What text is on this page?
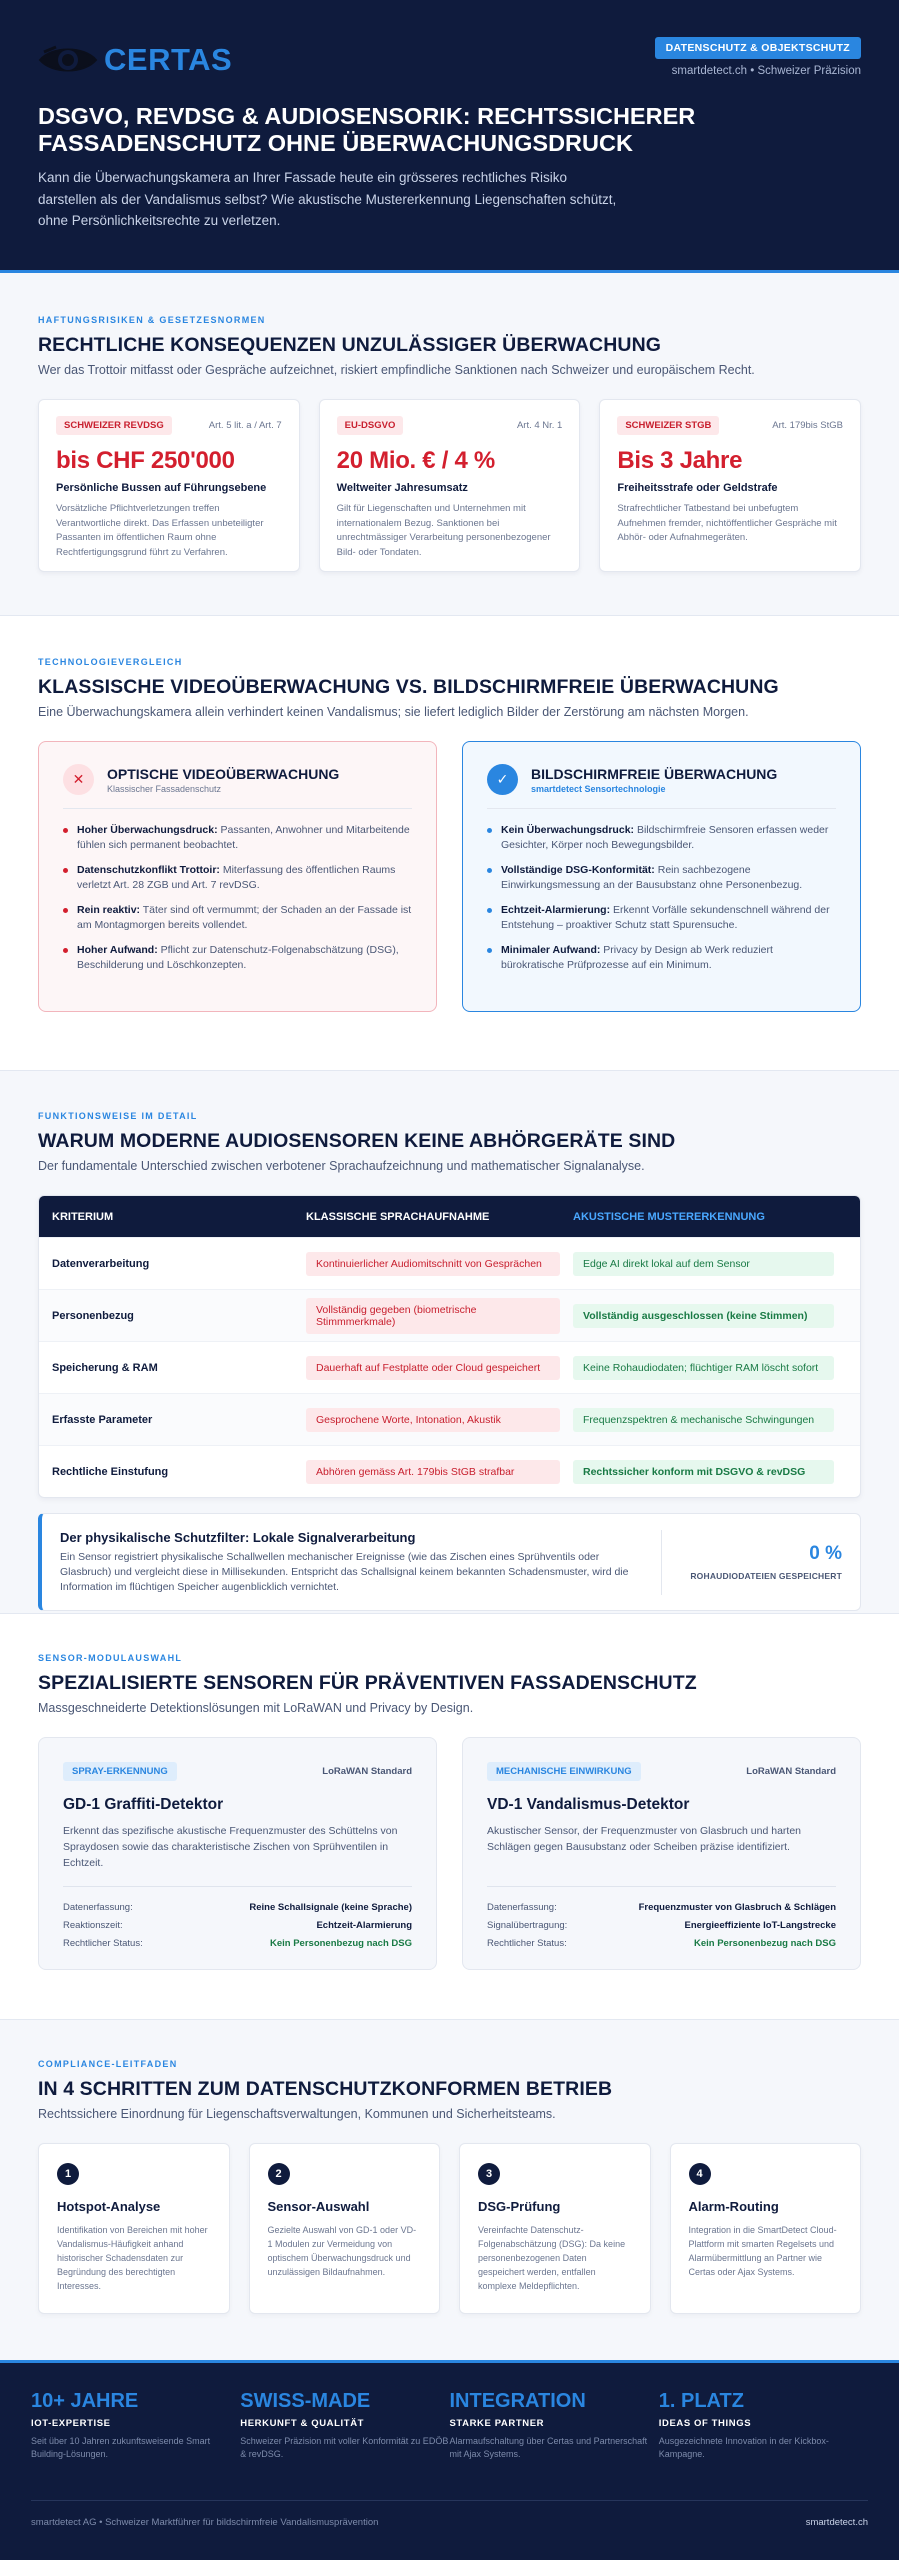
CERTAS	DATENSCHUTZ & OBJEKTSCHUTZ
smartdetect.ch • Schweizer Präzision
DSGVO, REVDSG & AUDIOSENSORIK: RECHTSSICHERER FASSADENSCHUTZ OHNE ÜBERWACHUNGSDRUCK

Kann die Überwachungskamera an Ihrer Fassade heute ein grösseres rechtliches Risiko darstellen als der Vandalismus selbst? Wie akustische Mustererkennung Liegenschaften schützt, ohne Persönlichkeitsrechte zu verletzen.

HAFTUNGSRISIKEN & GESETZESNORMEN
RECHTLICHE KONSEQUENZEN UNZULÄSSIGER ÜBERWACHUNG

Wer das Trottoir mitfasst oder Gespräche aufzeichnet, riskiert empfindliche Sanktionen nach Schweizer und europäischem Recht.

SCHWEIZER REVDSG	Art. 5 lit. a / Art. 7
bis CHF 250'000
Persönliche Bussen auf Führungsebene
Vorsätzliche Pflichtverletzungen treffen Verantwortliche direkt. Das Erfassen unbeteiligter Passanten im öffentlichen Raum ohne Rechtfertigungsgrund führt zu Verfahren.
EU-DSGVO	Art. 4 Nr. 1
20 Mio. € / 4 %
Weltweiter Jahresumsatz
Gilt für Liegenschaften und Unternehmen mit internationalem Bezug. Sanktionen bei unrechtmässiger Verarbeitung personenbezogener Bild- oder Tondaten.
SCHWEIZER STGB	Art. 179bis StGB
Bis 3 Jahre
Freiheitsstrafe oder Geldstrafe
Strafrechtlicher Tatbestand bei unbefugtem Aufnehmen fremder, nichtöffentlicher Gespräche mit Abhör- oder Aufnahmegeräten.
TECHNOLOGIEVERGLEICH
KLASSISCHE VIDEOÜBERWACHUNG VS. BILDSCHIRMFREIE ÜBERWACHUNG

Eine Überwachungskamera allein verhindert keinen Vandalismus; sie liefert lediglich Bilder der Zerstörung am nächsten Morgen.

✕	OPTISCHE VIDEOÜBERWACHUNG
Klassischer Fassadenschutz
Hoher Überwachungsdruck: Passanten, Anwohner und Mitarbeitende fühlen sich permanent beobachtet.
Datenschutzkonflikt Trottoir: Miterfassung des öffentlichen Raums verletzt Art. 28 ZGB und Art. 7 revDSG.
Rein reaktiv: Täter sind oft vermummt; der Schaden an der Fassade ist am Montagmorgen bereits vollendet.
Hoher Aufwand: Pflicht zur Datenschutz-Folgenabschätzung (DSG), Beschilderung und Löschkonzepten.
✓	BILDSCHIRMFREIE ÜBERWACHUNG
smartdetect Sensortechnologie
Kein Überwachungsdruck: Bildschirmfreie Sensoren erfassen weder Gesichter, Körper noch Bewegungsbilder.
Vollständige DSG-Konformität: Rein sachbezogene Einwirkungsmessung an der Bausubstanz ohne Personenbezug.
Echtzeit-Alarmierung: Erkennt Vorfälle sekundenschnell während der Entstehung – proaktiver Schutz statt Spurensuche.
Minimaler Aufwand: Privacy by Design ab Werk reduziert bürokratische Prüfprozesse auf ein Minimum.
FUNKTIONSWEISE IM DETAIL
WARUM MODERNE AUDIOSENSOREN KEINE ABHÖRGERÄTE SIND

Der fundamentale Unterschied zwischen verbotener Sprachaufzeichnung und mathematischer Signalanalyse.

KRITERIUM	KLASSISCHE SPRACHAUFNAHME	AKUSTISCHE MUSTERERKENNUNG
Datenverarbeitung	Kontinuierlicher Audiomitschnitt von Gesprächen	Edge AI direkt lokal auf dem Sensor
Personenbezug	Vollständig gegeben (biometrische Stimmmerkmale)	Vollständig ausgeschlossen (keine Stimmen)
Speicherung & RAM	Dauerhaft auf Festplatte oder Cloud gespeichert	Keine Rohaudiodaten; flüchtiger RAM löscht sofort
Erfasste Parameter	Gesprochene Worte, Intonation, Akustik	Frequenzspektren & mechanische Schwingungen
Rechtliche Einstufung	Abhören gemäss Art. 179bis StGB strafbar	Rechtssicher konform mit DSGVO & revDSG
Der physikalische Schutzfilter: Lokale Signalverarbeitung
Ein Sensor registriert physikalische Schallwellen mechanischer Ereignisse (wie das Zischen eines Sprühventils oder Glasbruch) und vergleicht diese in Millisekunden. Entspricht das Schallsignal keinem bekannten Schadensmuster, wird die Information im flüchtigen Speicher augenblicklich vernichtet.
0 %
ROHAUDIODATEIEN GESPEICHERT
SENSOR-MODULAUSWAHL
SPEZIALISIERTE SENSOREN FÜR PRÄVENTIVEN FASSADENSCHUTZ

Massgeschneiderte Detektionslösungen mit LoRaWAN und Privacy by Design.

SPRAY-ERKENNUNG	LoRaWAN Standard
GD-1 Graffiti-Detektor
Erkennt das spezifische akustische Frequenzmuster des Schüttelns von Spraydosen sowie das charakteristische Zischen von Sprühventilen in Echtzeit.
Datenerfassung:	Reine Schallsignale (keine Sprache)
Reaktionszeit:	Echtzeit-Alarmierung
Rechtlicher Status:	Kein Personenbezug nach DSG
MECHANISCHE EINWIRKUNG	LoRaWAN Standard
VD-1 Vandalismus-Detektor
Akustischer Sensor, der Frequenzmuster von Glasbruch und harten Schlägen gegen Bausubstanz oder Scheiben präzise identifiziert.
Datenerfassung:	Frequenzmuster von Glasbruch & Schlägen
Signalübertragung:	Energieeffiziente IoT-Langstrecke
Rechtlicher Status:	Kein Personenbezug nach DSG
COMPLIANCE-LEITFADEN
IN 4 SCHRITTEN ZUM DATENSCHUTZKONFORMEN BETRIEB

Rechtssichere Einordnung für Liegenschaftsverwaltungen, Kommunen und Sicherheitsteams.

1
Hotspot-Analyse
Identifikation von Bereichen mit hoher Vandalismus-Häufigkeit anhand historischer Schadensdaten zur Begründung des berechtigten Interesses.
2
Sensor-Auswahl
Gezielte Auswahl von GD-1 oder VD-1 Modulen zur Vermeidung von optischem Überwachungsdruck und unzulässigen Bildaufnahmen.
3
DSG-Prüfung
Vereinfachte Datenschutz-Folgenabschätzung (DSG): Da keine personenbezogenen Daten gespeichert werden, entfallen komplexe Meldepflichten.
4
Alarm-Routing
Integration in die SmartDetect Cloud-Plattform mit smarten Regelsets und Alarmübermittlung an Partner wie Certas oder Ajax Systems.
10+ JAHRE
IOT-EXPERTISE
Seit über 10 Jahren zukunftsweisende Smart Building-Lösungen.
SWISS-MADE
HERKUNFT & QUALITÄT
Schweizer Präzision mit voller Konformität zu EDÖB & revDSG.
INTEGRATION
STARKE PARTNER
Alarmaufschaltung über Certas und Partnerschaft mit Ajax Systems.
1. PLATZ
IDEAS OF THINGS
Ausgezeichnete Innovation in der Kickbox-Kampagne.
smartdetect AG • Schweizer Marktführer für bildschirmfreie Vandalismusprävention	smartdetect.ch
